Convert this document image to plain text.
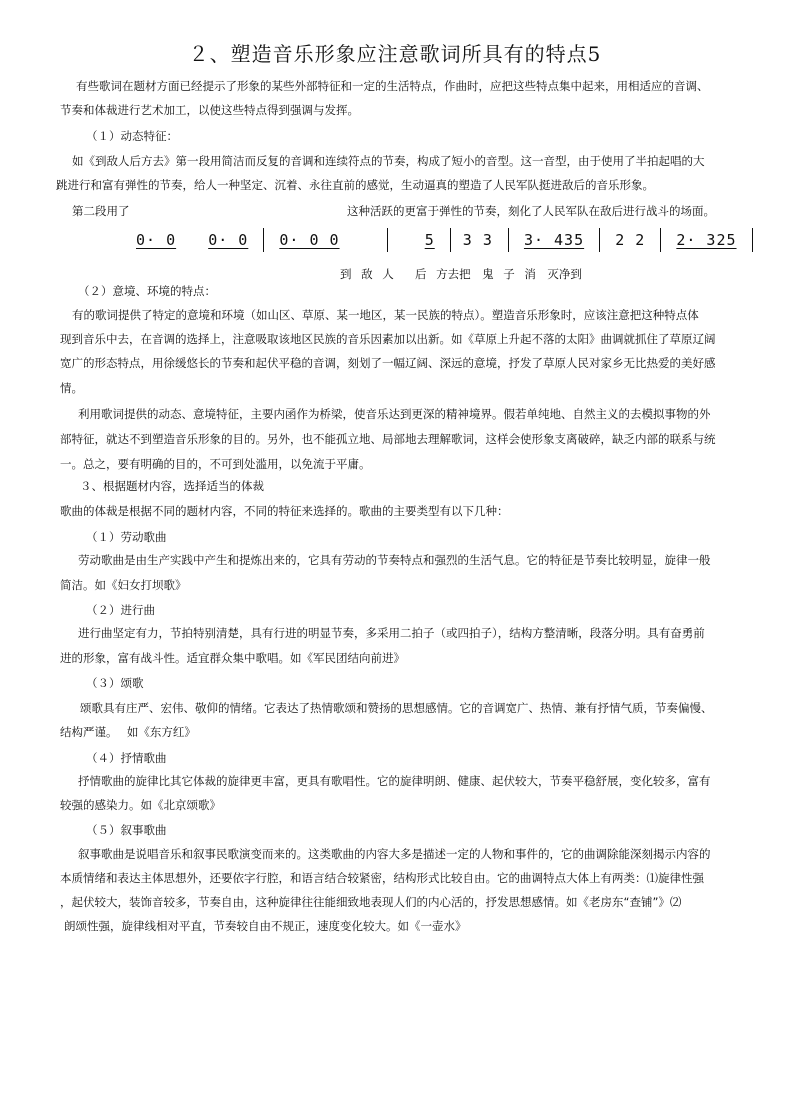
２、塑造音乐形象应注意歌词所具有的特点5
有些歌词在题材方面已经提示了形象的某些外部特征和一定的生活特点，作曲时，应把这些特点集中起来，用相适应的音调、
节奏和体裁进行艺术加工，以使这些特点得到强调与发挥。
（１）动态特征：
如《到敌人后方去》第一段用简洁而反复的音调和连续符点的节奏，构成了短小的音型。这一音型，由于使用了半拍起唱的大
跳进行和富有弹性的节奏，给人一种坚定、沉着、永往直前的感觉，生动逼真的塑造了人民军队挺进敌后的音乐形象。
第二段用了	这种活跃的更富于弹性的节奏，刻化了人民军队在敌后进行战斗的场面。
0· 0 0· 0 0· 0 0	5 3 3 3· 435 2 2 2· 325
到 敌 人　 后 方去把　鬼 子 消　灭净到
（２）意境、环境的特点：
有的歌词提供了特定的意境和环境（如山区、草原、某一地区，某一民族的特点）。塑造音乐形象时，应该注意把这种特点体
现到音乐中去，在音调的选择上，注意吸取该地区民族的音乐因素加以出新。如《草原上升起不落的太阳》曲调就抓住了草原辽阔
宽广的形态特点，用徐缓悠长的节奏和起伏平稳的音调，刻划了一幅辽阔、深远的意境，抒发了草原人民对家乡无比热爱的美好感
情。
利用歌词提供的动态、意境特征，主要内函作为桥梁，使音乐达到更深的精神境界。假若单纯地、自然主义的去模拟事物的外
部特征，就达不到塑造音乐形象的目的。另外，也不能孤立地、局部地去理解歌词，这样会使形象支离破碎，缺乏内部的联系与统
一。总之，要有明确的目的，不可到处滥用，以免流于平庸。
３、根据题材内容，选择适当的体裁
歌曲的体裁是根据不同的题材内容，不同的特征来选择的。歌曲的主要类型有以下几种：
（１）劳动歌曲
劳动歌曲是由生产实践中产生和提炼出来的，它具有劳动的节奏特点和强烈的生活气息。它的特征是节奏比较明显，旋律一般
简洁。如《妇女打坝歌》
（２）进行曲
进行曲坚定有力，节拍特别清楚，具有行进的明显节奏，多采用二拍子（或四拍子），结构方整清晰，段落分明。具有奋勇前
进的形象，富有战斗性。适宜群众集中歌唱。如《军民团结向前进》
（３）颂歌
颂歌具有庄严、宏伟、敬仰的情绪。它表达了热情歌颂和赞扬的思想感情。它的音调宽广、热情、兼有抒情气质，节奏偏慢、
结构严谨。　 如《东方红》
（４）抒情歌曲
抒情歌曲的旋律比其它体裁的旋律更丰富，更具有歌唱性。它的旋律明朗、健康、起伏较大，节奏平稳舒展，变化较多，富有
较强的感染力。如《北京颂歌》
（５）叙事歌曲
叙事歌曲是说唱音乐和叙事民歌演变而来的。这类歌曲的内容大多是描述一定的人物和事件的，它的曲调除能深刻揭示内容的
本质情绪和表达主体思想外，还要依字行腔，和语言结合较紧密，结构形式比较自由。它的曲调特点大体上有两类：⑴旋律性强
，起伏较大，装饰音较多，节奏自由，这种旋律往往能细致地表现人们的内心活的，抒发思想感情。如《老房东“查铺”》⑵
朗颂性强，旋律线相对平直，节奏较自由不规正，速度变化较大。如《一壶水》
